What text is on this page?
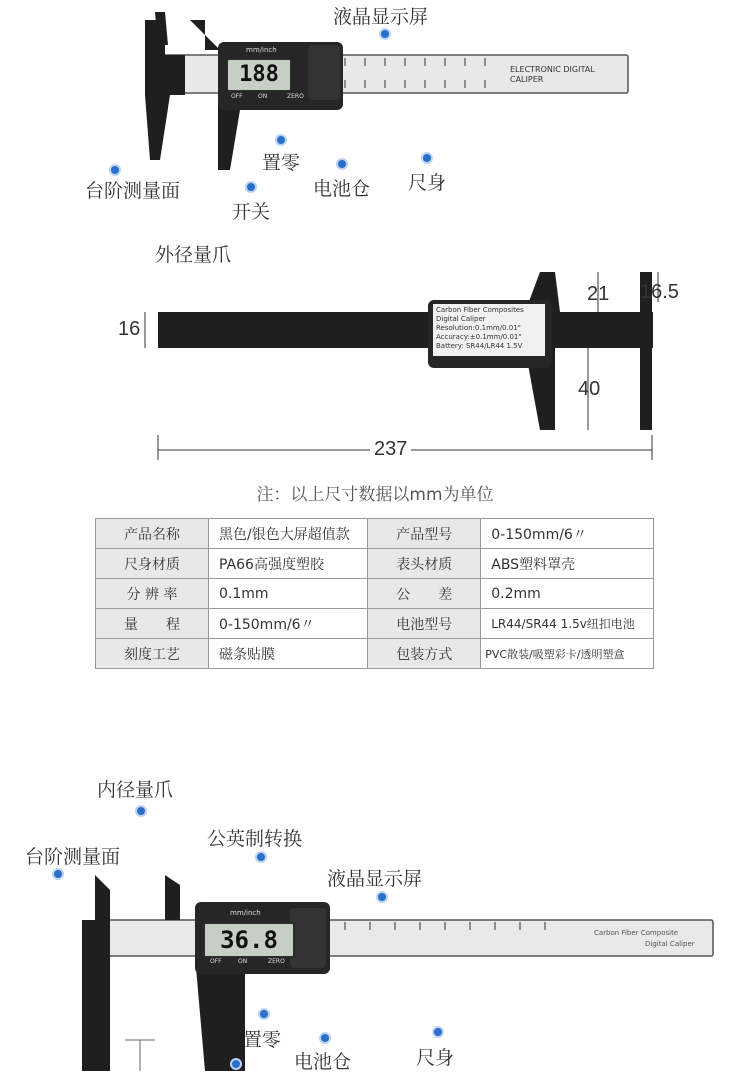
188
mm/inch
OFF	ON	ZERO
ELECTRONIC DIGITAL CALIPER
液晶显示屏
台阶测量面
外径量爪
开关
置零
电池仓 尺身
Carbon Fiber Composites
Digital Caliper
Resolution:0.1mm/0.01"
Accuracy:±0.1mm/0.01"
Battery: SR44/LR44 1.5V
16
21 16.5
40
237
注：以上尺寸数据以mm为单位
产品名称	黑色/银色大屏超值款	产品型号	0-150mm/6〃
尺身材质	PA66高强度塑胶	表头材质	ABS塑料罩壳
分 辨 率	0.1mm	公　　差	0.2mm
量　　程	0-150mm/6〃	电池型号	LR44/SR44 1.5v纽扣电池
刻度工艺	磁条贴膜	包装方式	PVC散装/吸塑彩卡/透明塑盒
36.8
mm/inch
OFF	ON	ZERO
Carbon Fiber Composite
Digital Caliper
内径量爪
台阶测量面
公英制转换
液晶显示屏
置零
电池仓	尺身
